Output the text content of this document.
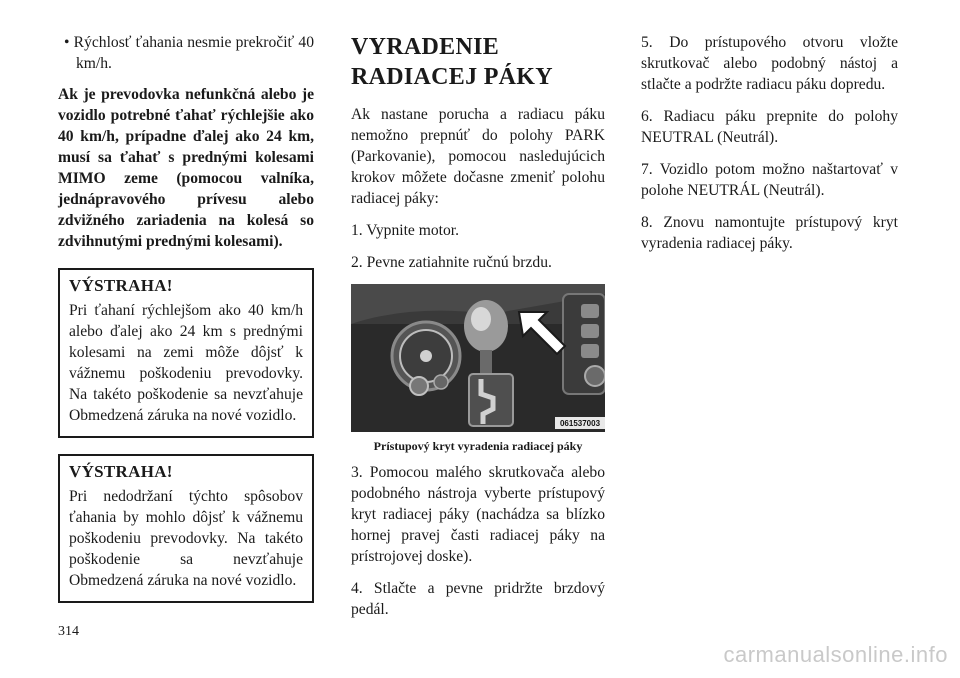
• Rýchlosť ťahania nesmie prekročiť 40 km/h.

Ak je prevodovka nefunkčná alebo je vozidlo potrebné ťahať rýchlejšie ako 40 km/h, prípadne ďalej ako 24 km, musí sa ťahať s prednými kolesami MIMO zeme (pomocou valníka, jednápravového prívesu alebo zdvižného zariadenia na kolesá so zdvihnutými prednými kolesami).

VÝSTRAHA!

Pri ťahaní rýchlejšom ako 40 km/h alebo ďalej ako 24 km s prednými kolesami na zemi môže dôjsť k vážnemu poškodeniu prevodovky. Na takéto poškodenie sa nevzťahuje Obmedzená záruka na nové vozidlo.

VÝSTRAHA!

Pri nedodržaní týchto spôsobov ťahania by mohlo dôjsť k vážnemu poškodeniu prevodovky. Na takéto poškodenie sa nevzťahuje Obmedzená záruka na nové vozidlo.

VYRADENIE RADIACEJ PÁKY

Ak nastane porucha a radiacu páku nemožno prepnúť do polohy PARK (Parkovanie), pomocou nasledujúcich krokov môžete dočasne zmeniť polohu radiacej páky:

1. Vypnite motor.

2. Pevne zatiahnite ručnú brzdu.

061537003
Prístupový kryt vyradenia radiacej páky

3. Pomocou malého skrutkovača alebo podobného nástroja vyberte prístupový kryt radiacej páky (nachádza sa blízko hornej pravej časti radiacej páky na prístrojovej doske).

4. Stlačte a pevne pridržte brzdový pedál.

5. Do prístupového otvoru vložte skrutkovač alebo podobný nástoj a stlačte a podržte radiacu páku dopredu.

6. Radiacu páku prepnite do polohy NEUTRAL (Neutrál).

7. Vozidlo potom možno naštartovať v polohe NEUTRÁL (Neutrál).

8. Znovu namontujte prístupový kryt vyradenia radiacej páky.

314
carmanualsonline.info
